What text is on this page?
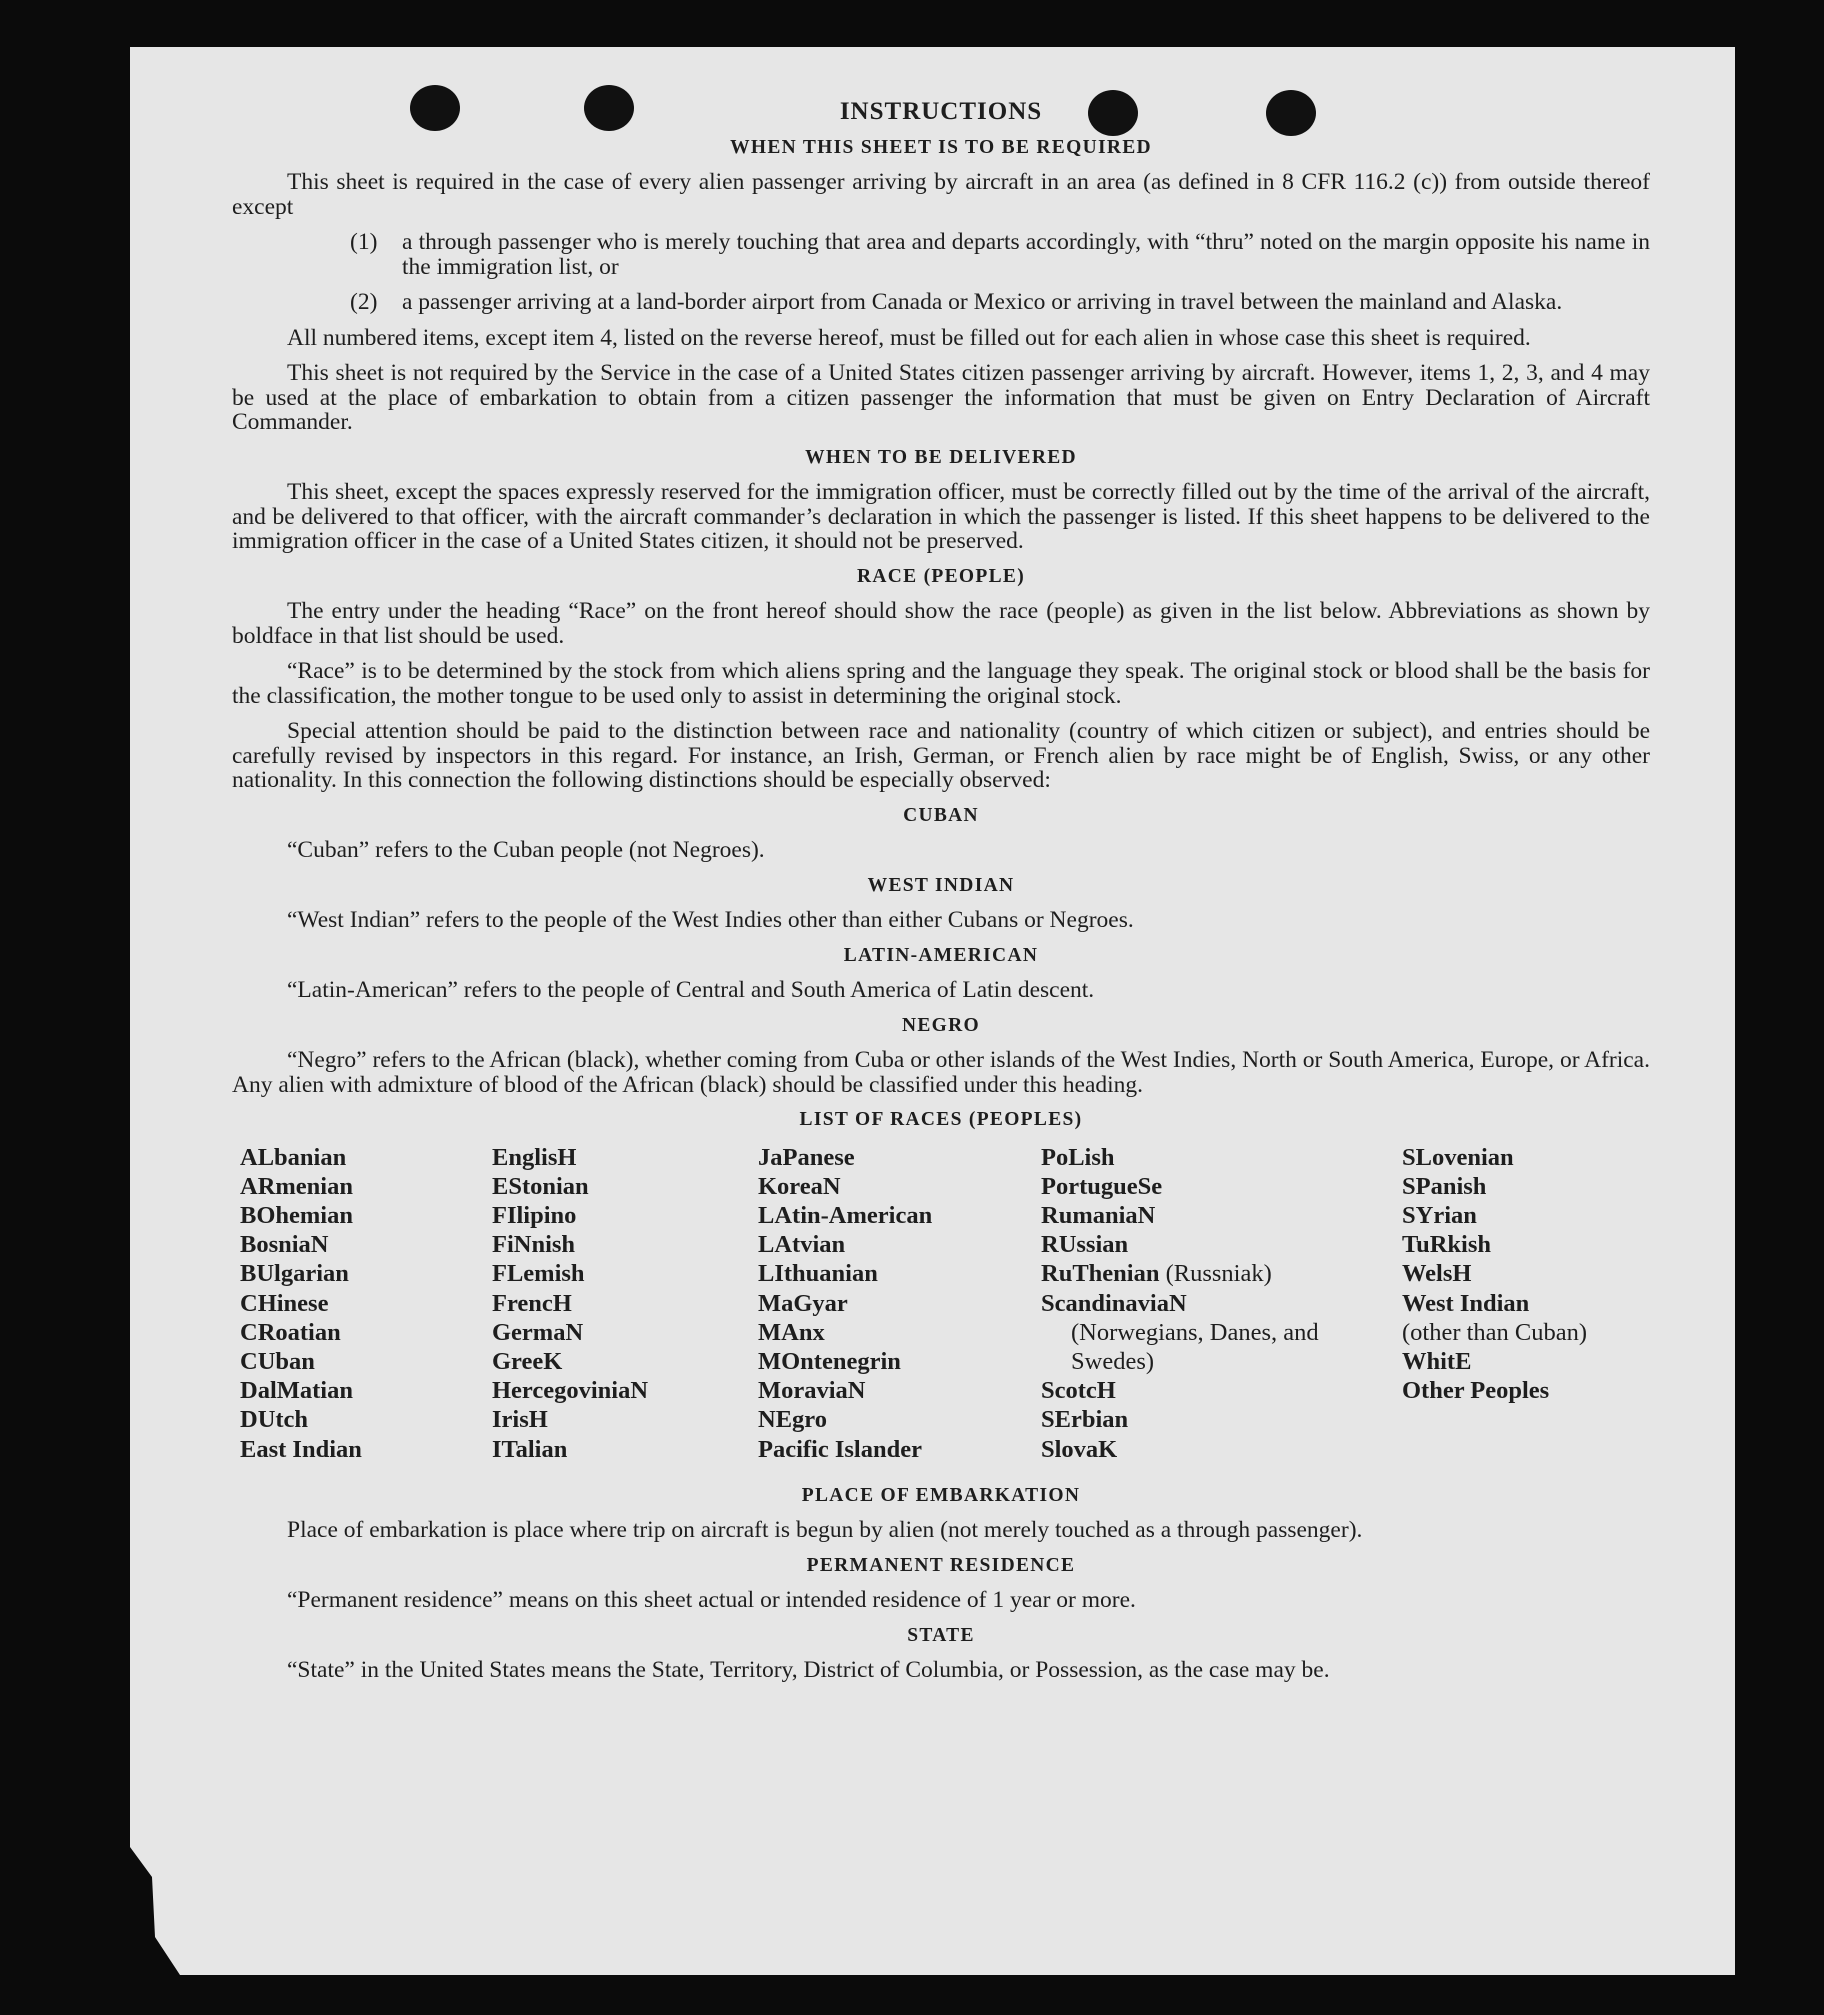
INSTRUCTIONS
WHEN THIS SHEET IS TO BE REQUIRED

This sheet is required in the case of every alien passenger arriving by aircraft in an area (as defined in 8 CFR 116.2 (c)) from outside thereof except

(1) a through passenger who is merely touching that area and departs accordingly, with “thru” noted on the margin opposite his name in the immigration list, or
(2) a passenger arriving at a land-border airport from Canada or Mexico or arriving in travel between the mainland and Alaska.

All numbered items, except item 4, listed on the reverse hereof, must be filled out for each alien in whose case this sheet is required.

This sheet is not required by the Service in the case of a United States citizen passenger arriving by aircraft. However, items 1, 2, 3, and 4 may be used at the place of embarkation to obtain from a citizen passenger the information that must be given on Entry Declaration of Aircraft Commander.

WHEN TO BE DELIVERED

This sheet, except the spaces expressly reserved for the immigration officer, must be correctly filled out by the time of the arrival of the aircraft, and be delivered to that officer, with the aircraft commander’s declaration in which the passenger is listed. If this sheet happens to be delivered to the immigration officer in the case of a United States citizen, it should not be preserved.

RACE (PEOPLE)

The entry under the heading “Race” on the front hereof should show the race (people) as given in the list below. Abbreviations as shown by boldface in that list should be used.

“Race” is to be determined by the stock from which aliens spring and the language they speak. The original stock or blood shall be the basis for the classification, the mother tongue to be used only to assist in determining the original stock.

Special attention should be paid to the distinction between race and nationality (country of which citizen or subject), and entries should be carefully revised by inspectors in this regard. For instance, an Irish, German, or French alien by race might be of English, Swiss, or any other nationality. In this connection the following distinctions should be especially observed:

CUBAN

“Cuban” refers to the Cuban people (not Negroes).

WEST INDIAN

“West Indian” refers to the people of the West Indies other than either Cubans or Negroes.

LATIN-AMERICAN

“Latin-American” refers to the people of Central and South America of Latin descent.

NEGRO

“Negro” refers to the African (black), whether coming from Cuba or other islands of the West Indies, North or South America, Europe, or Africa. Any alien with admixture of blood of the African (black) should be classified under this heading.

LIST OF RACES (PEOPLES)
ALbanian
ARmenian
BOhemian
BosniaN
BUlgarian
CHinese
CRoatian
CUban
DalMatian
DUtch
East Indian
EnglisH
EStonian
FIlipino
FiNnish
FLemish
FrencH
GermaN
GreeK
HercegoviniaN
IrisH
ITalian
JaPanese
KoreaN
LAtin-American
LAtvian
LIthuanian
MaGyar
MAnx
MOntenegrin
MoraviaN
NEgro
Pacific Islander
PoLish
PortugueSe
RumaniaN
RUssian
RuThenian (Russniak)
ScandinaviaN
(Norwegians, Danes, and Swedes)
ScotcH
SErbian
SlovaK
SLovenian
SPanish
SYrian
TuRkish
WelsH
West Indian
(other than Cuban)
WhitE
Other Peoples
PLACE OF EMBARKATION

Place of embarkation is place where trip on aircraft is begun by alien (not merely touched as a through passenger).

PERMANENT RESIDENCE

“Permanent residence” means on this sheet actual or intended residence of 1 year or more.

STATE

“State” in the United States means the State, Territory, District of Columbia, or Possession, as the case may be.
